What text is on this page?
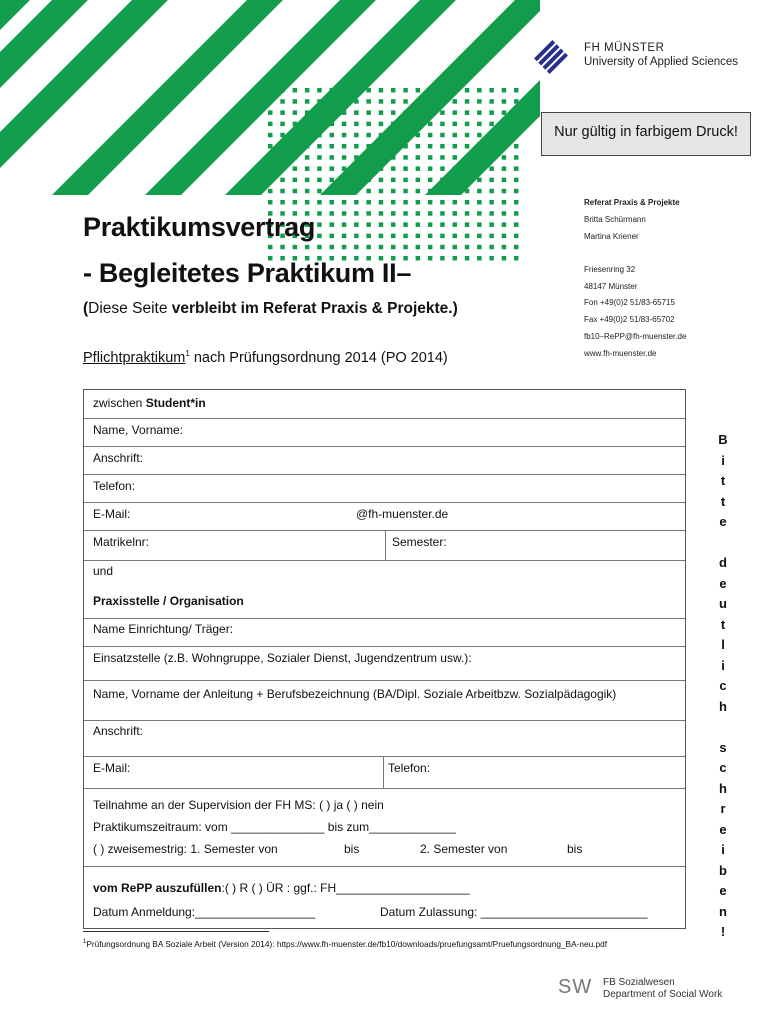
FH MÜNSTER
University of Applied Sciences
Nur gültig in farbigem Druck!
Referat Praxis & Projekte
Britta Schürmann
Martina Kriener
Friesenring 32
48147 Münster
Fon +49(0)2 51/83-65715
Fax +49(0)2 51/83-65702
fb10–RePP@fh-muenster.de
www.fh-muenster.de
Praktikumsvertrag
- Begleitetes Praktikum II–
(Diese Seite verbleibt im Referat Praxis & Projekte.)
Pflichtpraktikum$^1$ nach Prüfungsordnung 2014 (PO 2014)
zwischen Student*in
Name, Vorname:
Anschrift:
Telefon:
E-Mail:	@fh-muenster.de
Matrikelnr:	Semester:
und
Praxisstelle / Organisation
Name Einrichtung/ Träger:
Einsatzstelle (z.B. Wohngruppe, Sozialer Dienst, Jugendzentrum usw.):
Name, Vorname der Anleitung + Berufsbezeichnung (BA/Dipl. Soziale Arbeitbzw. Sozialpädagogik)
Anschrift:
E-Mail:	Telefon:
Teilnahme an der Supervision der FH MS: ( ) ja ( ) nein
Praktikumszeitraum: vom ______________ bis zum_____________
( ) zweisemestrig: 1. Semester von	bis	2. Semester von	bis
vom RePP auszufüllen:( ) R ( ) ÜR : ggf.: FH____________________
Datum Anmeldung:__________________	Datum Zulassung: _________________________
B
i
t
t
e
d
e
u
t
l
i
c
h
s
c
h
r
e
i
b
e
n
!
$^1$Prüfungsordnung BA Soziale Arbeit (Version 2014): https://www.fh-muenster.de/fb10/downloads/pruefungsamt/Pruefungsordnung_BA-neu.pdf
SW FB Sozialwesen
Department of Social Work
